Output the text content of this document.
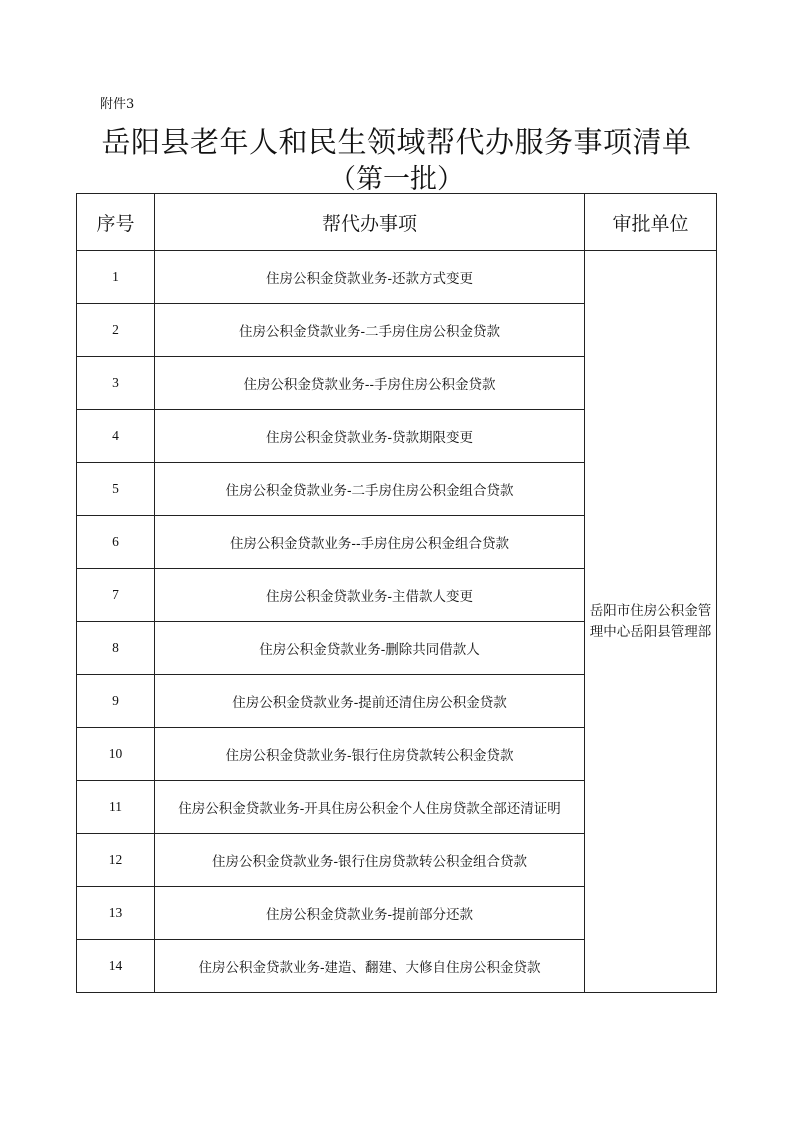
附件3
岳阳县老年人和民生领域帮代办服务事项清单
（第一批）
序号	帮代办事项	审批单位
1	住房公积金贷款业务-还款方式变更	岳阳市住房公积金管理中心岳阳县管理部
2	住房公积金贷款业务-二手房住房公积金贷款	
3	住房公积金贷款业务--手房住房公积金贷款	
4	住房公积金贷款业务-贷款期限变更	
5	住房公积金贷款业务-二手房住房公积金组合贷款	
6	住房公积金贷款业务--手房住房公积金组合贷款	
7	住房公积金贷款业务-主借款人变更	
8	住房公积金贷款业务-删除共同借款人	
9	住房公积金贷款业务-提前还清住房公积金贷款	
10	住房公积金贷款业务-银行住房贷款转公积金贷款	
11	住房公积金贷款业务-开具住房公积金个人住房贷款全部还清证明	
12	住房公积金贷款业务-银行住房贷款转公积金组合贷款	
13	住房公积金贷款业务-提前部分还款	
14	住房公积金贷款业务-建造、翻建、大修自住房公积金贷款	
